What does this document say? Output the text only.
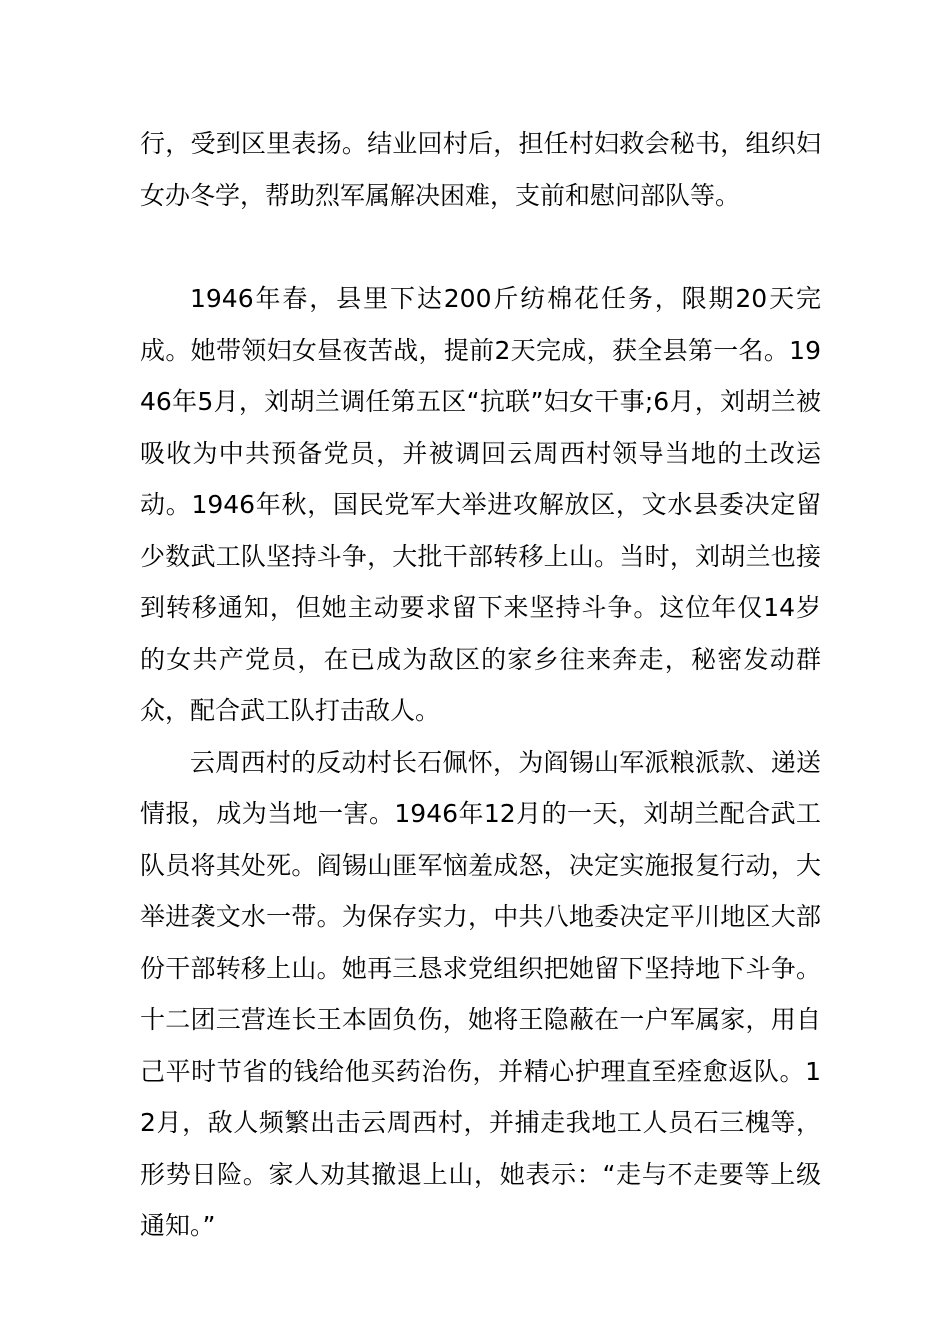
行，受到区里表扬。结业回村后，担任村妇救会秘书，组织妇女办冬学，帮助烈军属解决困难，支前和慰问部队等。

1946年春，县里下达200斤纺棉花任务，限期20天完成。她带领妇女昼夜苦战，提前2天完成，获全县第一名。1946年5月，刘胡兰调任第五区“抗联”妇女干事;6月，刘胡兰被吸收为中共预备党员，并被调回云周西村领导当地的土改运动。1946年秋，国民党军大举进攻解放区，文水县委决定留少数武工队坚持斗争，大批干部转移上山。当时，刘胡兰也接到转移通知，但她主动要求留下来坚持斗争。这位年仅14岁的女共产党员，在已成为敌区的家乡往来奔走，秘密发动群众，配合武工队打击敌人。

云周西村的反动村长石佩怀，为阎锡山军派粮派款、递送情报，成为当地一害。1946年12月的一天，刘胡兰配合武工队员将其处死。阎锡山匪军恼羞成怒，决定实施报复行动，大举进袭文水一带。为保存实力，中共八地委决定平川地区大部份干部转移上山。她再三恳求党组织把她留下坚持地下斗争。十二团三营连长王本固负伤，她将王隐蔽在一户军属家，用自己平时节省的钱给他买药治伤，并精心护理直至痊愈返队。12月，敌人频繁出击云周西村，并捕走我地工人员石三槐等，形势日险。家人劝其撤退上山，她表示：“走与不走要等上级通知。”
